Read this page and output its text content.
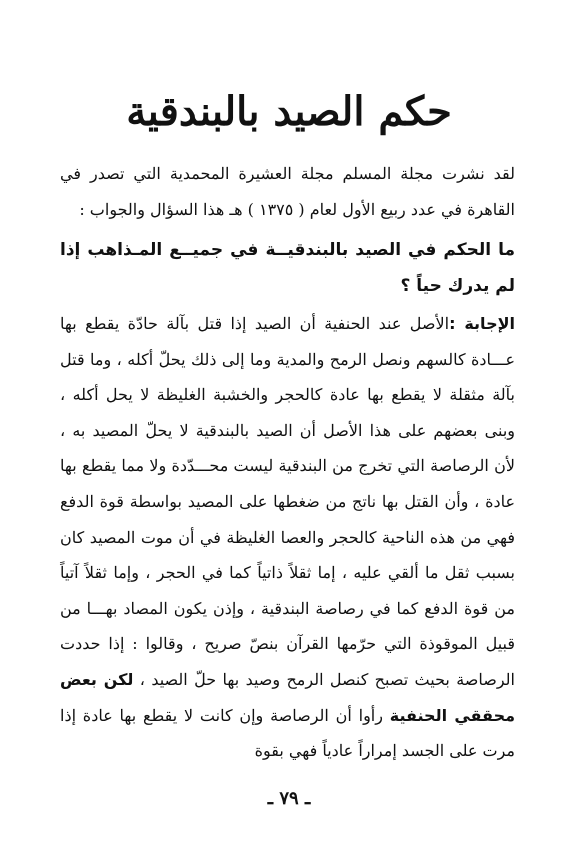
حكم الصيد بالبندقية
لقد نشرت مجلة المسلم مجلة العشيرة المحمدية التي تصدر في القاهرة في عدد ربيع الأول لعام ( ١٣٧٥ ) هـ هذا السؤال والجواب :
ما الحكم في الصيد بالبندقيــة في جميــع المـذاهب إذا لم يدرك حياً ؟
الإجابة :الأصل عند الحنفية أن الصيد إذا قتل بآلة حادّة يقطع بها عـــادة كالسهم ونصل الرمح والمدية وما إلى ذلك يحلّ أكله ، وما قتل بآلة مثقلة لا يقطع بها عادة كالحجر والخشبة الغليظة لا يحل أكله ، وبنى بعضهم على هذا الأصل أن الصيد بالبندقية لا يحلّ المصيد به ، لأن الرصاصة التي تخرج من البندقية ليست محـــدّدة ولا مما يقطع بها عادة ، وأن القتل بها ناتج من ضغطها على المصيد بواسطة قوة الدفع فهي من هذه الناحية كالحجر والعصا الغليظة في أن موت المصيد كان بسبب ثقل ما ألقي عليه ، إما ثقلاً ذاتياً كما في الحجر ، وإما ثقلاً آتياً من قوة الدفع كما في رصاصة البندقية ، وإذن يكون المصاد بهـــا من قبيل الموقوذة التي حرّمها القرآن بنصّ صريح ، وقالوا : إذا حددت الرصاصة بحيث تصبح كنصل الرمح وصيد بها حلّ الصيد ، لكن بعض محققي الحنفية رأوا أن الرصاصة وإن كانت لا يقطع بها عادة إذا مرت على الجسد إمراراً عادياً فهي بقوة
ـ ٧٩ ـ
